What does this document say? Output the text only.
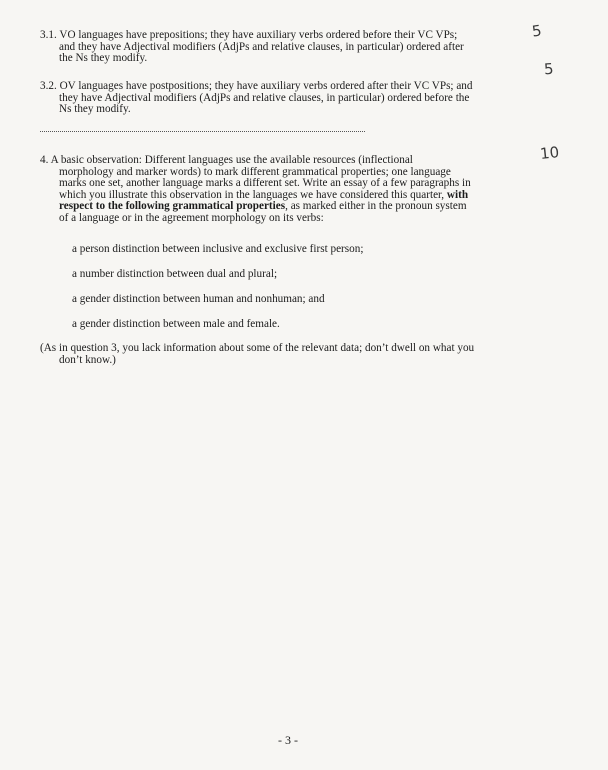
3.1. VO languages have prepositions; they have auxiliary verbs ordered before their VC VPs;
and they have Adjectival modifiers (AdjPs and relative clauses, in particular) ordered after
the Ns they modify.
3.2. OV languages have postpositions; they have auxiliary verbs ordered after their VC VPs; and
they have Adjectival modifiers (AdjPs and relative clauses, in particular) ordered before the
Ns they modify.
4. A basic observation: Different languages use the available resources (inflectional
morphology and marker words) to mark different grammatical properties; one language
marks one set, another language marks a different set. Write an essay of a few paragraphs in
which you illustrate this observation in the languages we have considered this quarter, with
respect to the following grammatical properties, as marked either in the pronoun system
of a language or in the agreement morphology on its verbs:
a person distinction between inclusive and exclusive first person;
a number distinction between dual and plural;
a gender distinction between human and nonhuman; and
a gender distinction between male and female.
(As in question 3, you lack information about some of the relevant data; don’t dwell on what you
don’t know.)
5
5
10
- 3 -
